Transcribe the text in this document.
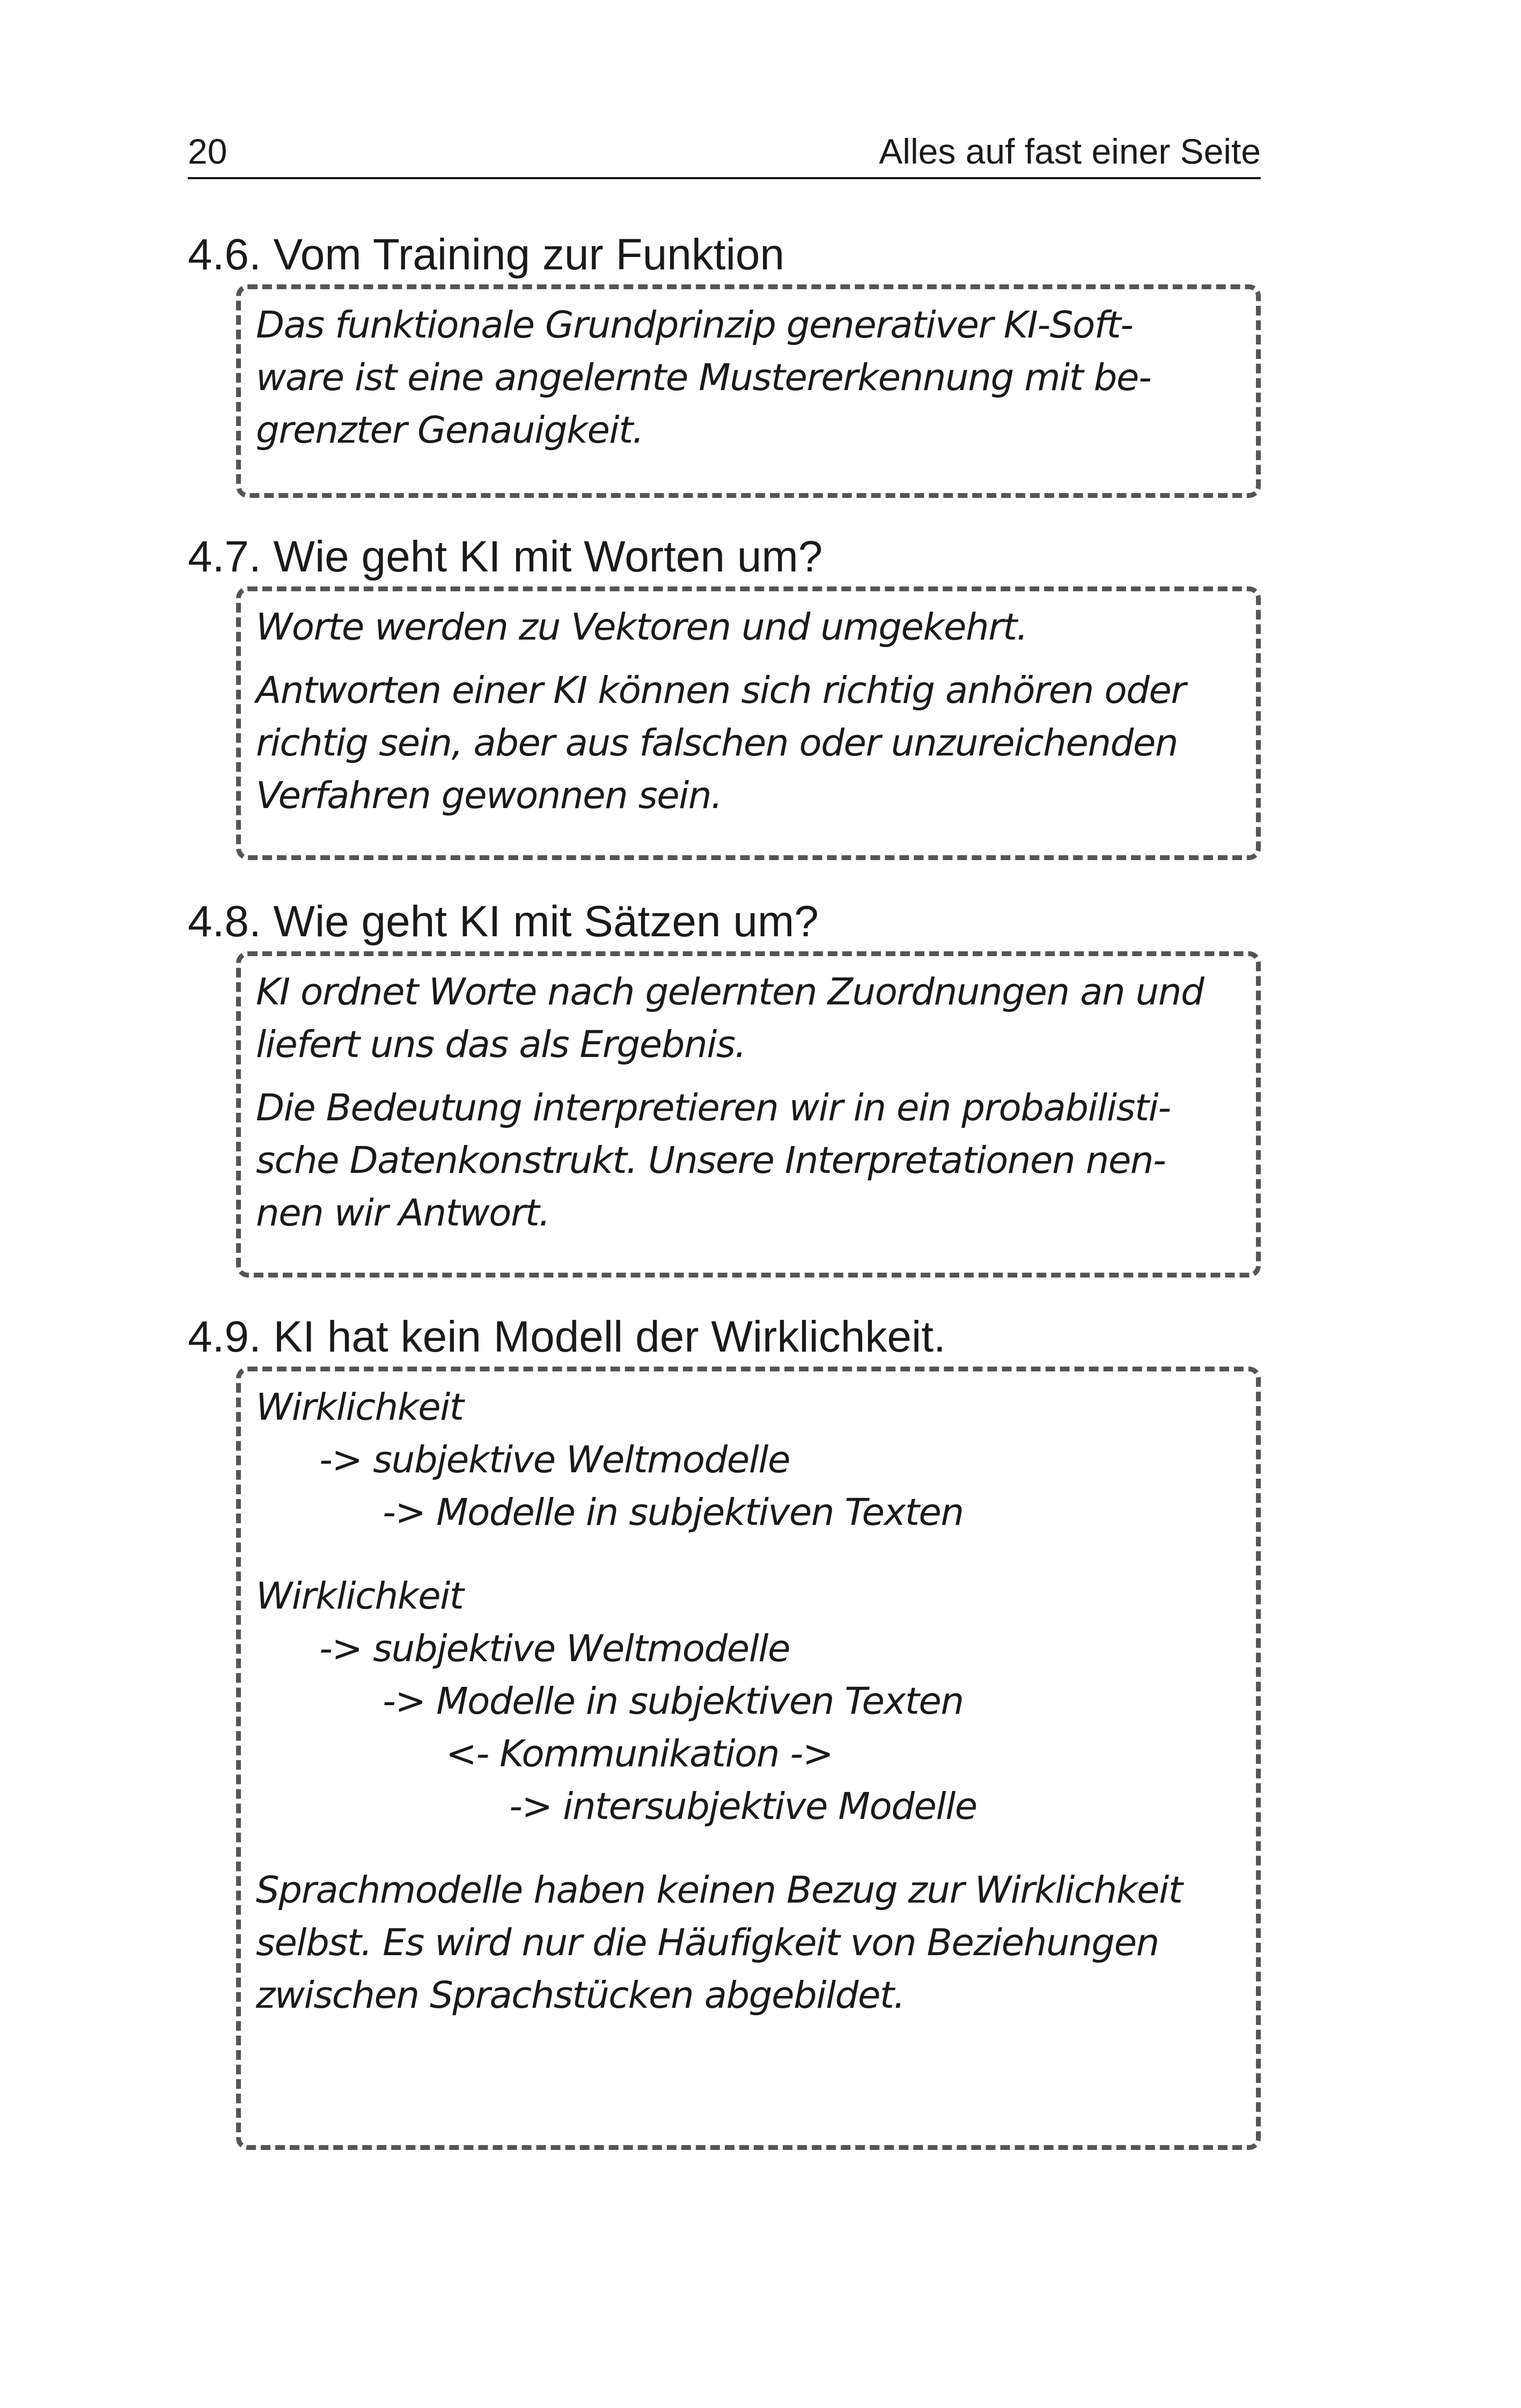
20	Alles auf fast einer Seite
4.6. Vom Training zur Funktion

Das funktionale Grundprinzip generativer KI-Soft-

ware ist eine angelernte Mustererkennung mit be-

grenzter Genauigkeit.

4.7. Wie geht KI mit Worten um?

Worte werden zu Vektoren und umgekehrt.

Antworten einer KI können sich richtig anhören oder

richtig sein, aber aus falschen oder unzureichenden

Verfahren gewonnen sein.

4.8. Wie geht KI mit Sätzen um?

KI ordnet Worte nach gelernten Zuordnungen an und

liefert uns das als Ergebnis.

Die Bedeutung interpretieren wir in ein probabilisti-

sche Datenkonstrukt. Unsere Interpretationen nen-

nen wir Antwort.

4.9. KI hat kein Modell der Wirklichkeit.

Wirklichkeit

-> subjektive Weltmodelle

-> Modelle in subjektiven Texten

Wirklichkeit

-> subjektive Weltmodelle

-> Modelle in subjektiven Texten

<- Kommunikation ->

-> intersubjektive Modelle

Sprachmodelle haben keinen Bezug zur Wirklichkeit

selbst. Es wird nur die Häufigkeit von Beziehungen

zwischen Sprachstücken abgebildet.
